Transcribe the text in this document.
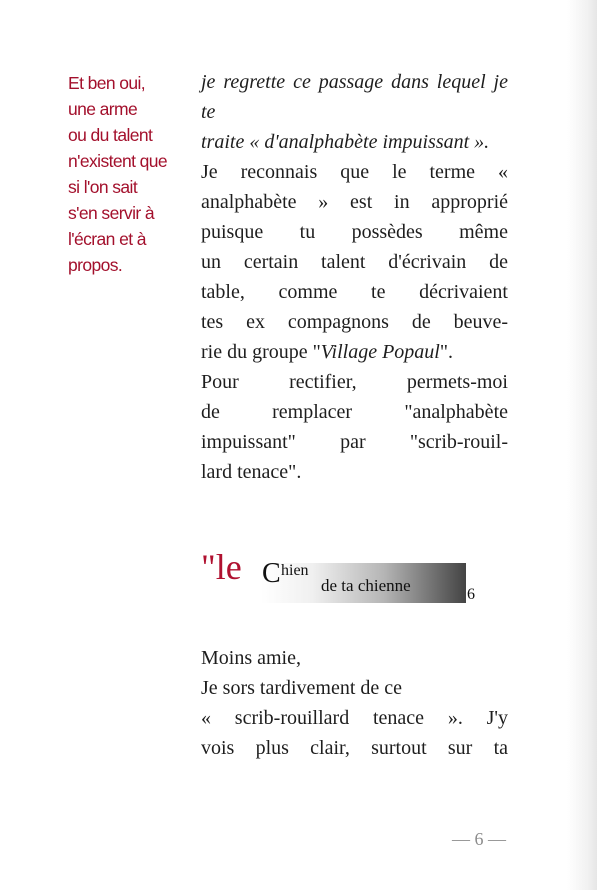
Et ben oui,
une arme
ou du talent
n'existent que
si l'on sait
s'en servir à
l'écran et à
propos.
je regrette ce passage dans lequel je te
traite « d'analphabète impuissant ».
Je reconnais que le terme «
analphabète » est in approprié
puisque tu possèdes même
un certain talent d'écrivain de
table, comme te décrivaient
tes ex compagnons de beuve-
rie du groupe "Village Popaul".
Pour rectifier, permets-moi
de remplacer "analphabète
impuissant" par "scrib-rouil-
lard tenace".
"le C hien
de ta chienne	6
Moins amie,
Je sors tardivement de ce
« scrib-rouillard tenace ». J'y
vois plus clair, surtout sur ta
— 6 —
